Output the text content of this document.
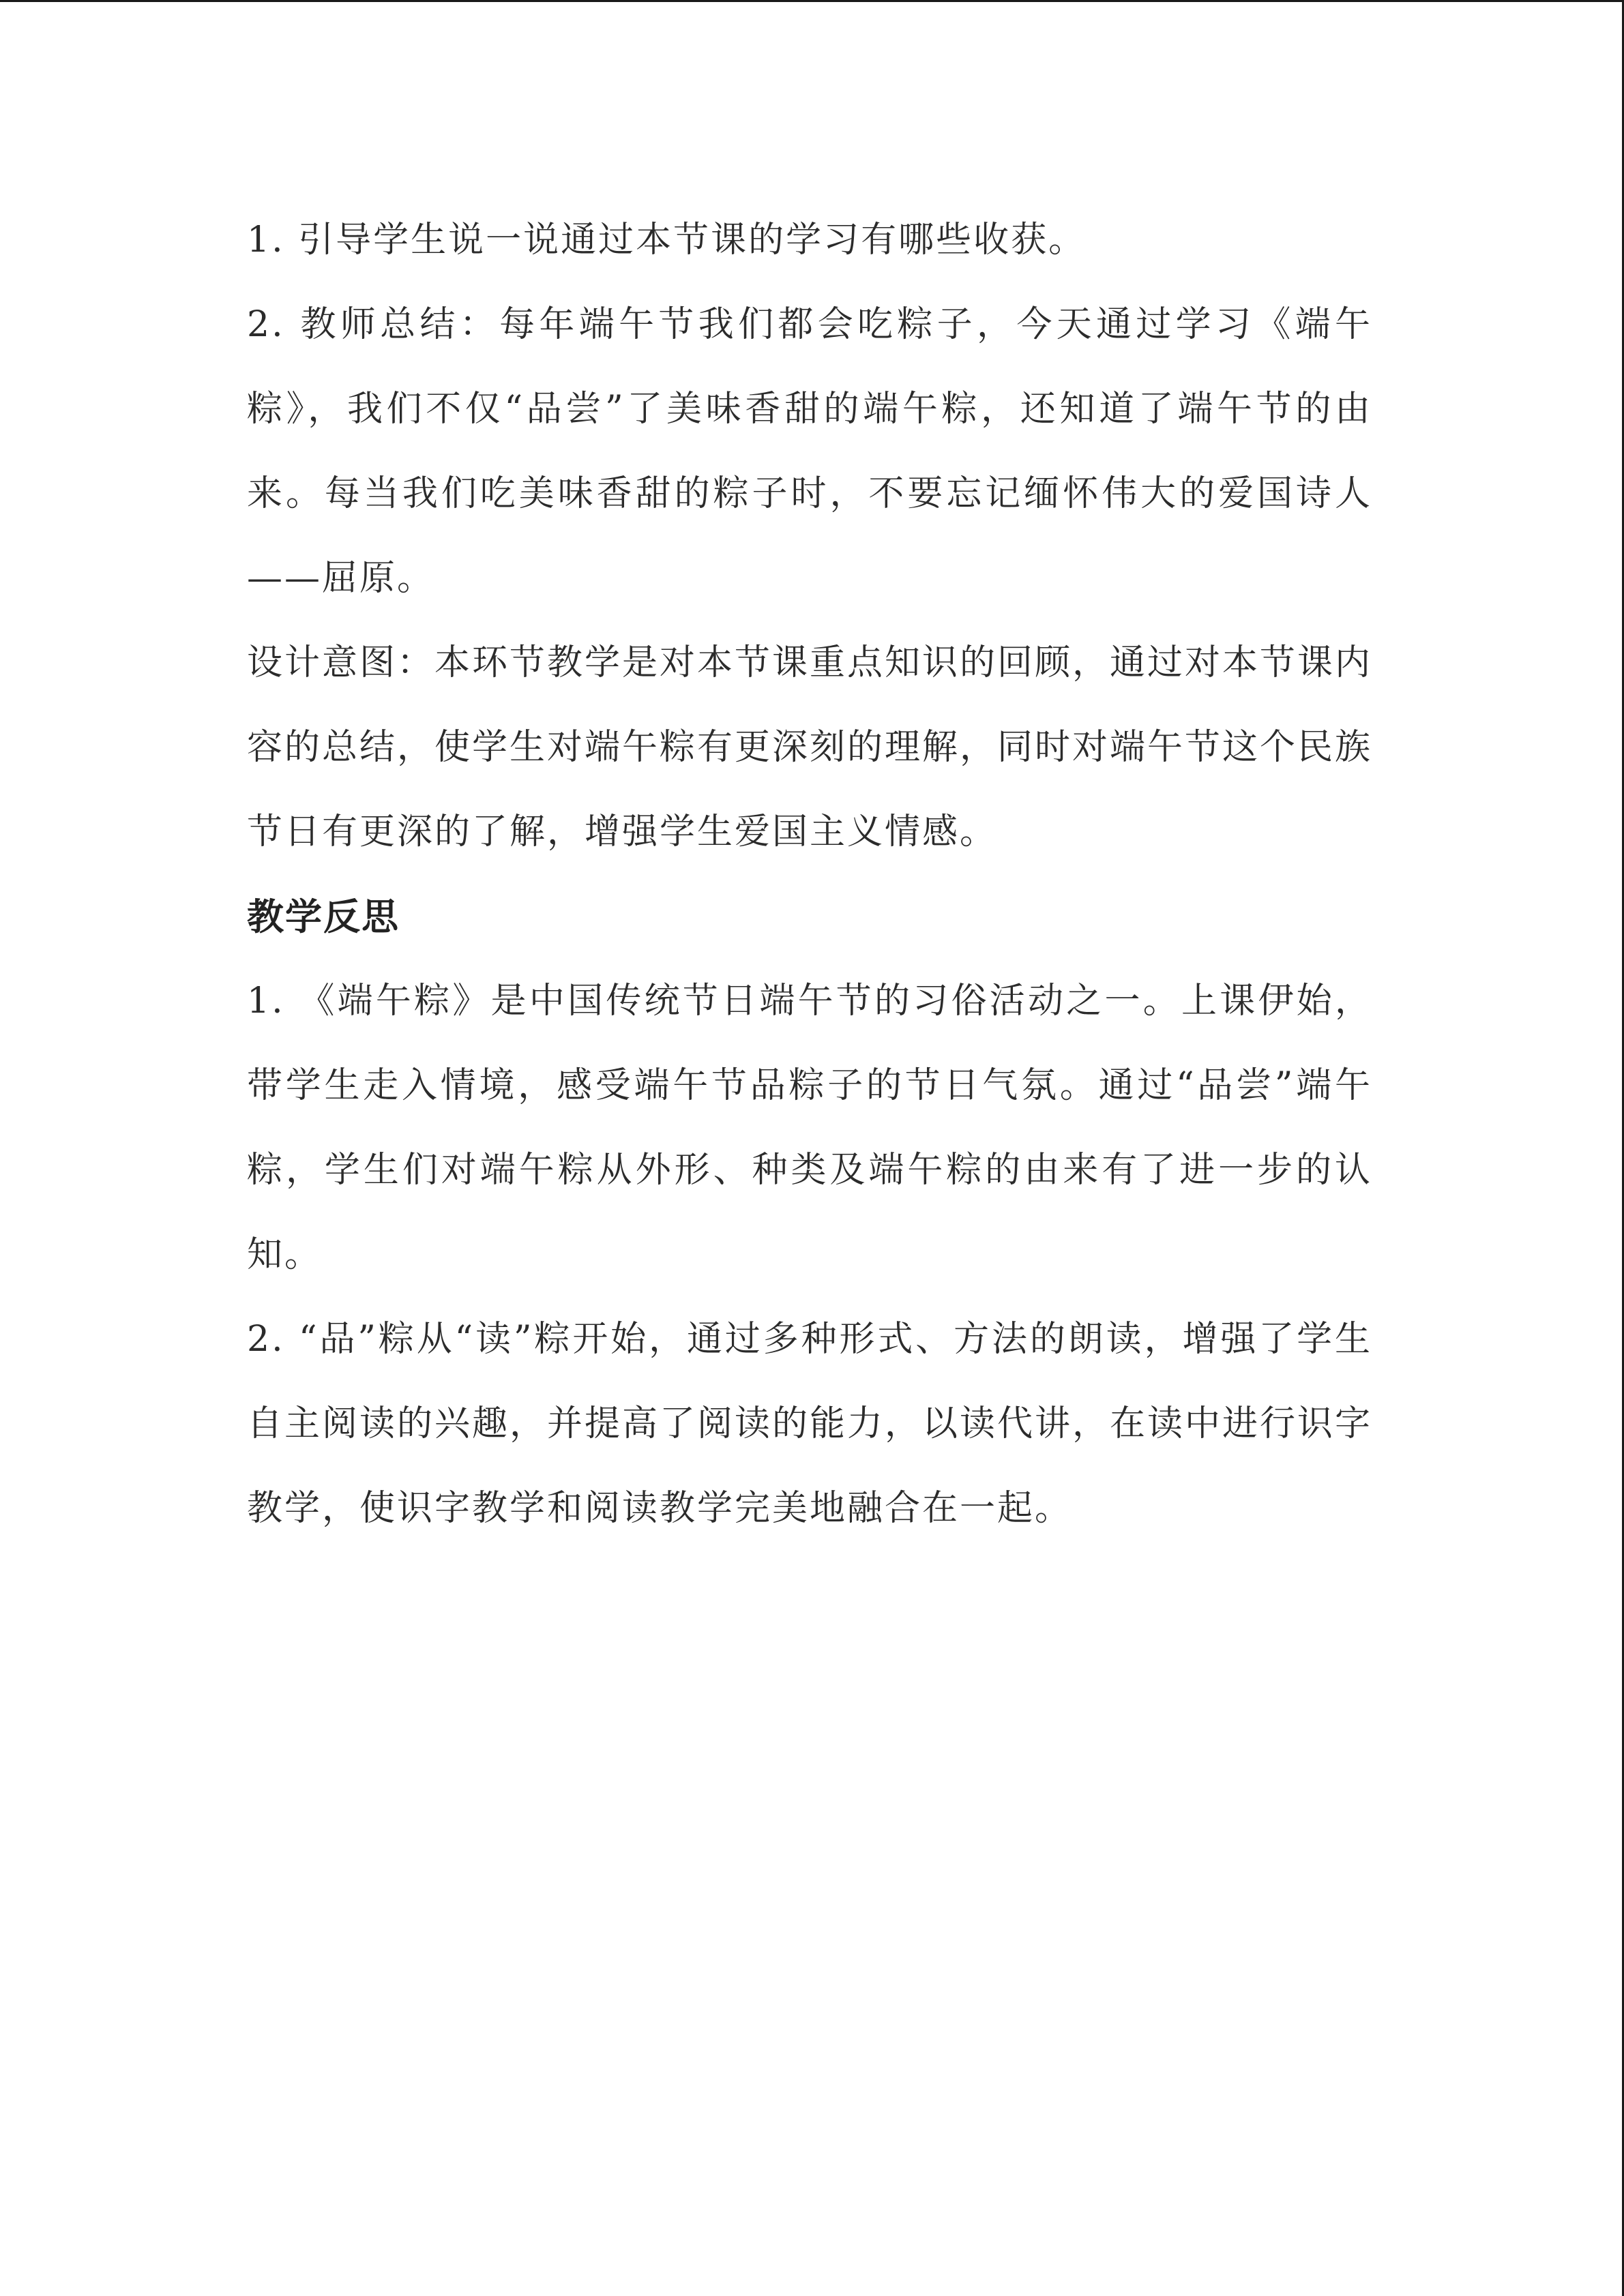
1. 引导学生说一说通过本节课的学习有哪些收获。

2. 教师总结：每年端午节我们都会吃粽子，今天通过学习《端午粽》，我们不仅“品尝”了美味香甜的端午粽，还知道了端午节的由来。每当我们吃美味香甜的粽子时，不要忘记缅怀伟大的爱国诗人——屈原。

设计意图：本环节教学是对本节课重点知识的回顾，通过对本节课内容的总结，使学生对端午粽有更深刻的理解，同时对端午节这个民族节日有更深的了解，增强学生爱国主义情感。

教学反思

1. 《端午粽》是中国传统节日端午节的习俗活动之一。上课伊始，带学生走入情境，感受端午节品粽子的节日气氛。通过“品尝”端午粽，学生们对端午粽从外形、种类及端午粽的由来有了进一步的认知。

2. “品”粽从“读”粽开始，通过多种形式、方法的朗读，增强了学生自主阅读的兴趣，并提高了阅读的能力，以读代讲，在读中进行识字教学，使识字教学和阅读教学完美地融合在一起。
